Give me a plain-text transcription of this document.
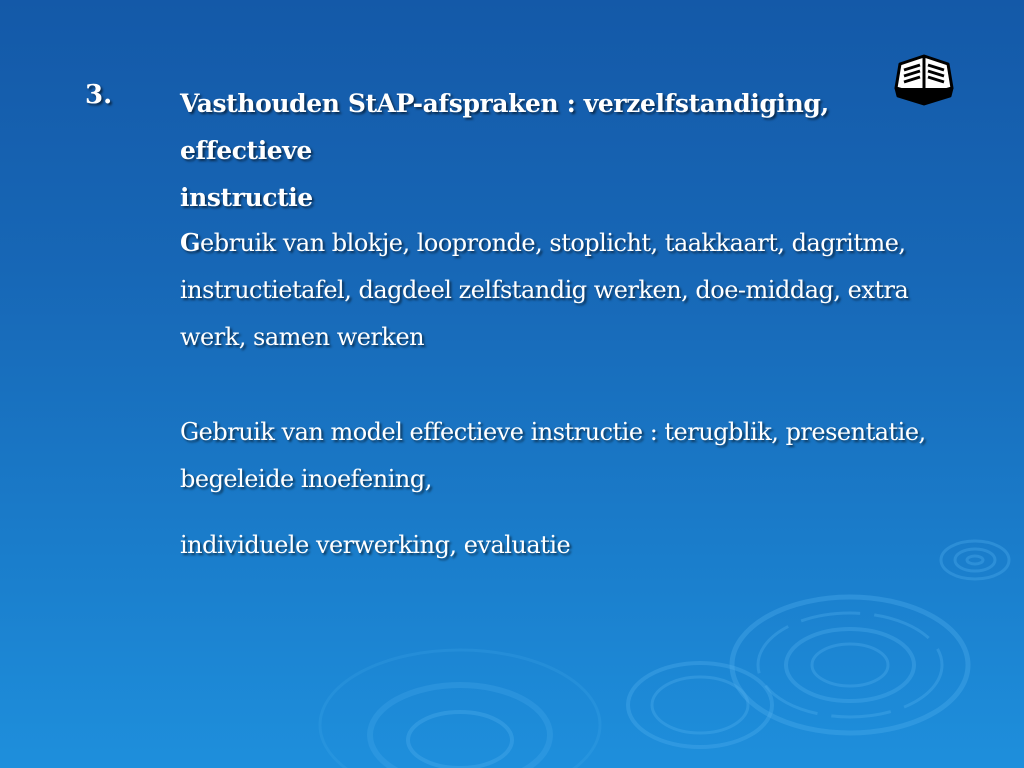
3.	Vasthouden StAP-afspraken : verzelfstandiging, effectieve
instructie
Gebruik van blokje, loopronde, stoplicht, taakkaart, dagritme,
instructietafel, dagdeel zelfstandig werken, doe-middag, extra
werk, samen werken
Gebruik van model effectieve instructie : terugblik, presentatie,
begeleide inoefening,
individuele verwerking, evaluatie
